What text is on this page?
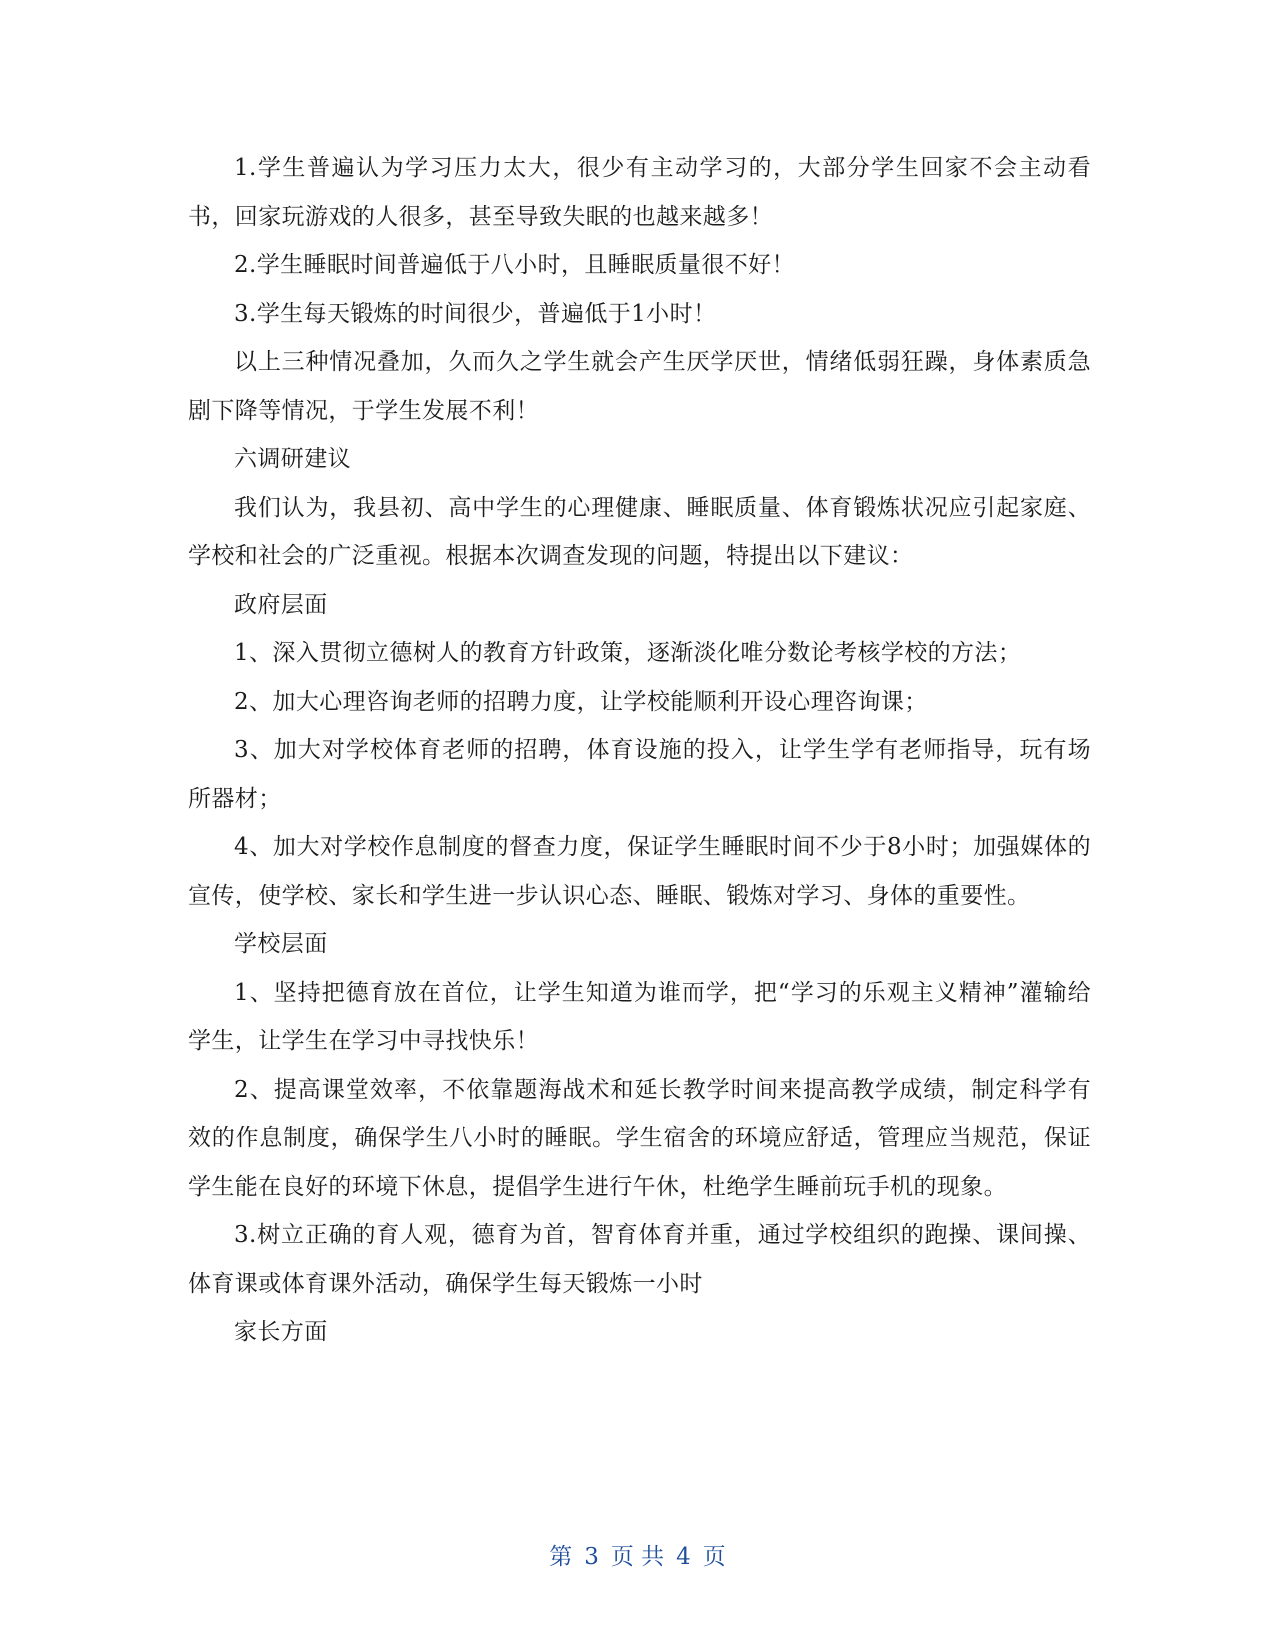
1.学生普遍认为学习压力太大，很少有主动学习的，大部分学生回家不会主动看书，回家玩游戏的人很多，甚至导致失眠的也越来越多！

2.学生睡眠时间普遍低于八小时，且睡眠质量很不好！

3.学生每天锻炼的时间很少，普遍低于1小时！

以上三种情况叠加，久而久之学生就会产生厌学厌世，情绪低弱狂躁，身体素质急剧下降等情况，于学生发展不利！

六调研建议

我们认为，我县初、高中学生的心理健康、睡眠质量、体育锻炼状况应引起家庭、学校和社会的广泛重视。根据本次调查发现的问题，特提出以下建议：

政府层面

1、深入贯彻立德树人的教育方针政策，逐渐淡化唯分数论考核学校的方法；

2、加大心理咨询老师的招聘力度，让学校能顺利开设心理咨询课；

3、加大对学校体育老师的招聘，体育设施的投入，让学生学有老师指导，玩有场所器材；

4、加大对学校作息制度的督查力度，保证学生睡眠时间不少于8小时；加强媒体的宣传，使学校、家长和学生进一步认识心态、睡眠、锻炼对学习、身体的重要性。

学校层面

1、坚持把德育放在首位，让学生知道为谁而学，把“学习的乐观主义精神”灌输给学生，让学生在学习中寻找快乐！

2、提高课堂效率，不依靠题海战术和延长教学时间来提高教学成绩，制定科学有效的作息制度，确保学生八小时的睡眠。学生宿舍的环境应舒适，管理应当规范，保证学生能在良好的环境下休息，提倡学生进行午休，杜绝学生睡前玩手机的现象。

3.树立正确的育人观，德育为首，智育体育并重，通过学校组织的跑操、课间操、体育课或体育课外活动，确保学生每天锻炼一小时

家长方面

第 3 页 共 4 页
